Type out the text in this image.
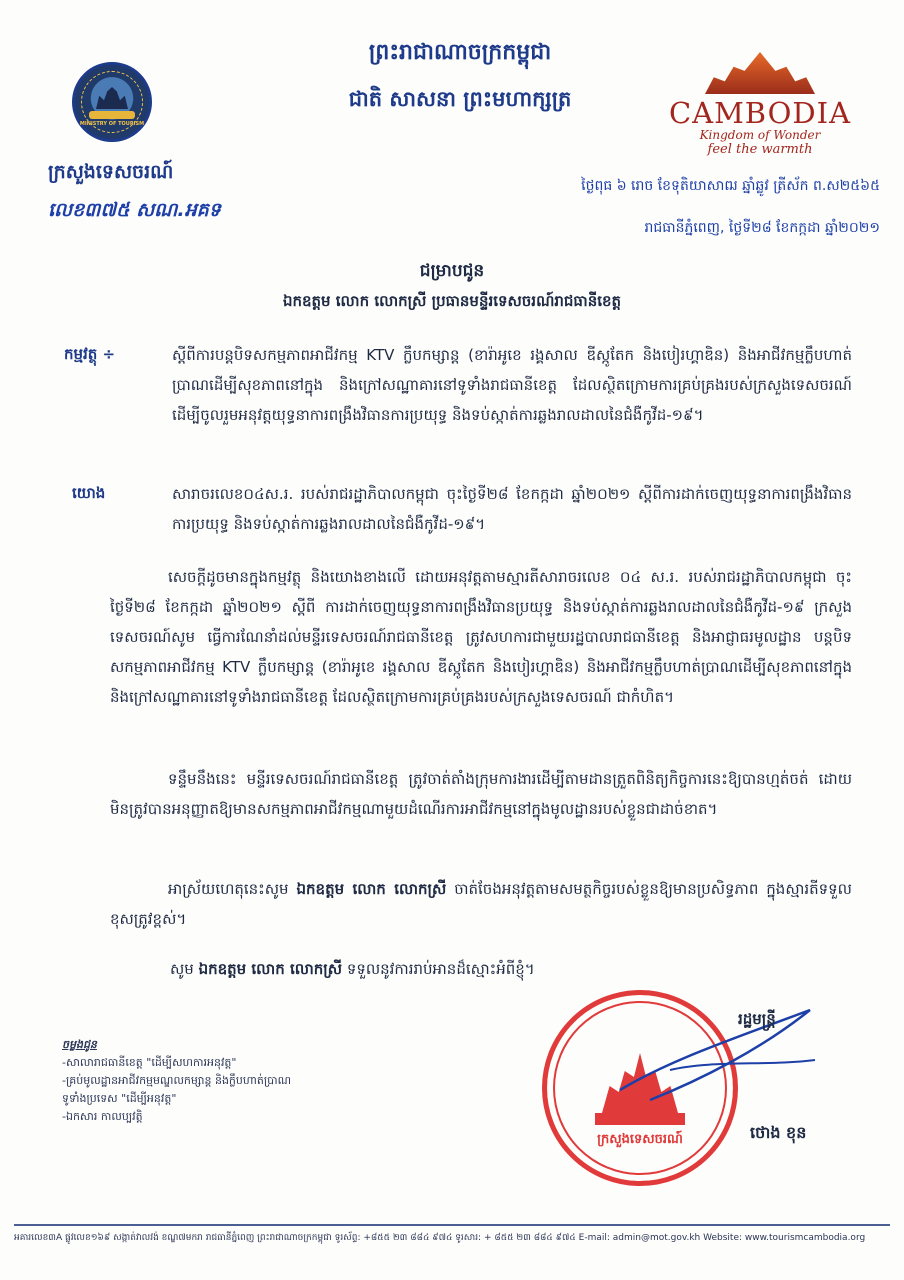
ព្រះរាជាណាចក្រកម្ពុជា
ជាតិ សាសនា ព្រះមហាក្សត្រ
MINISTRY OF TOURISM	CAMBODIA
Kingdom of Wonder
feel the warmth
ក្រសួងទេសចរណ៍
លេខ៣៧៥ សណ.អគទ
ថ្ងៃពុធ ៦ រោច ខែទុតិយាសាឍ ឆ្នាំឆ្លូវ ត្រីស័ក ព.ស២៥៦៥
រាជធានីភ្នំពេញ, ថ្ងៃទី២៨ ខែកក្កដា ឆ្នាំ២០២១
ជម្រាបជូន
ឯកឧត្តម លោក លោកស្រី ប្រធានមន្ទីរទេសចរណ៍រាជធានីខេត្ត
កម្មវត្ថុ ÷	ស្ដីពីការបន្ដបិទសកម្មភាពអាជីវកម្ម KTV ក្លឹបកម្សាន្ដ (ខារ៉ាអូខេ រង្គសាល ឌីស្កូតែក និងបៀរហ្គាឌិន) និងអាជីវកម្មក្លឹបហាត់ប្រាណដើម្បីសុខភាពនៅក្នុង និងក្រៅសណ្ឋាគារនៅទូទាំងរាជធានីខេត្ត ដែលស្ថិតក្រោមការគ្រប់គ្រងរបស់ក្រសួងទេសចរណ៍ ដើម្បីចូលរួមអនុវត្តយុទ្ធនាការពង្រឹងវិធានការប្រយុទ្ធ និងទប់ស្កាត់ការឆ្លងរាលដាលនៃជំងឺកូវីដ-១៩។
យោង	សារាចរលេខ០៤ស.រ. របស់រាជរដ្ឋាភិបាលកម្ពុជា ចុះថ្ងៃទី២៨ ខែកក្កដា ឆ្នាំ២០២១ ស្ដីពីការដាក់ចេញយុទ្ធនាការពង្រឹងវិធានការប្រយុទ្ធ និងទប់ស្កាត់ការឆ្លងរាលដាលនៃជំងឺកូវីដ-១៩។
សេចក្ដីដូចមានក្នុងកម្មវត្ថុ និងយោងខាងលើ ដោយអនុវត្តតាមស្មារតីសារាចរលេខ ០៤ ស.រ. របស់រាជរដ្ឋាភិបាលកម្ពុជា ចុះថ្ងៃទី២៨ ខែកក្កដា ឆ្នាំ២០២១ ស្ដីពី ការដាក់ចេញយុទ្ធនាការពង្រឹងវិធានប្រយុទ្ធ និងទប់ស្កាត់ការឆ្លងរាលដាលនៃជំងឺកូវីដ-១៩ ក្រសួងទេសចរណ៍សូម ធ្វើការណែនាំដល់មន្ទីរទេសចរណ៍រាជធានីខេត្ត ត្រូវសហការជាមួយរដ្ឋបាលរាជធានីខេត្ត និងអាជ្ញាធរមូលដ្ឋាន បន្ដបិទសកម្មភាពអាជីវកម្ម KTV ក្លឹបកម្សាន្ដ (ខារ៉ាអូខេ រង្គសាល ឌីស្កូតែក និងបៀរហ្គាឌិន) និងអាជីវកម្មក្លឹបហាត់ប្រាណដើម្បីសុខភាពនៅក្នុង និងក្រៅសណ្ឋាគារនៅទូទាំងរាជធានីខេត្ត ដែលស្ថិតក្រោមការគ្រប់គ្រងរបស់ក្រសួងទេសចរណ៍ ជាកំហិត។
ទន្ទឹមនឹងនេះ មន្ទីរទេសចរណ៍រាជធានីខេត្ត ត្រូវចាត់តាំងក្រុមការងារដើម្បីតាមដានត្រួតពិនិត្យកិច្ចការនេះឱ្យបានហ្មត់ចត់ ដោយមិនត្រូវបានអនុញ្ញាតឱ្យមានសកម្មភាពអាជីវកម្មណាមួយដំណើរការអាជីវកម្មនៅក្នុងមូលដ្ឋានរបស់ខ្លួនជាដាច់ខាត។
អាស្រ័យហេតុនេះសូម ឯកឧត្តម លោក លោកស្រី ចាត់ចែងអនុវត្តតាមសមត្ថកិច្ចរបស់ខ្លួនឱ្យមានប្រសិទ្ធភាព ក្នុងស្មារតីទទួលខុសត្រូវខ្ពស់។
សូម ឯកឧត្តម លោក លោកស្រី ទទួលនូវការរាប់អានដ៏ស្មោះអំពីខ្ញុំ។
ក្រសួងទេសចរណ៍
រដ្ឋមន្ត្រី
ថោង ខុន
ចម្លងជូន
-សាលារាជធានីខេត្ត "ដើម្បីសហការអនុវត្ត"
-គ្រប់មូលដ្ឋានអាជីវកម្មមណ្ឌលកម្សាន្ដ និងក្លឹបហាត់ប្រាណ
ទូទាំងប្រទេស "ដើម្បីអនុវត្ត"
-ឯកសារ កាលប្បវត្តិ
អគារលេខ៣A ផ្លូវលេខ១៦៩ សង្កាត់វាលវង់ ខណ្ឌ៧មករា រាជធានីភ្នំពេញ ព្រះរាជាណាចក្រកម្ពុជា ទូរស័ព្ទ: +៨៥៥ ២៣ ៨៨៤ ៩៧៤ ទូរសារ: + ៨៥៥ ២៣ ៨៨៤ ៩៧៤ E-mail: admin@mot.gov.kh Website: www.tourismcambodia.org
